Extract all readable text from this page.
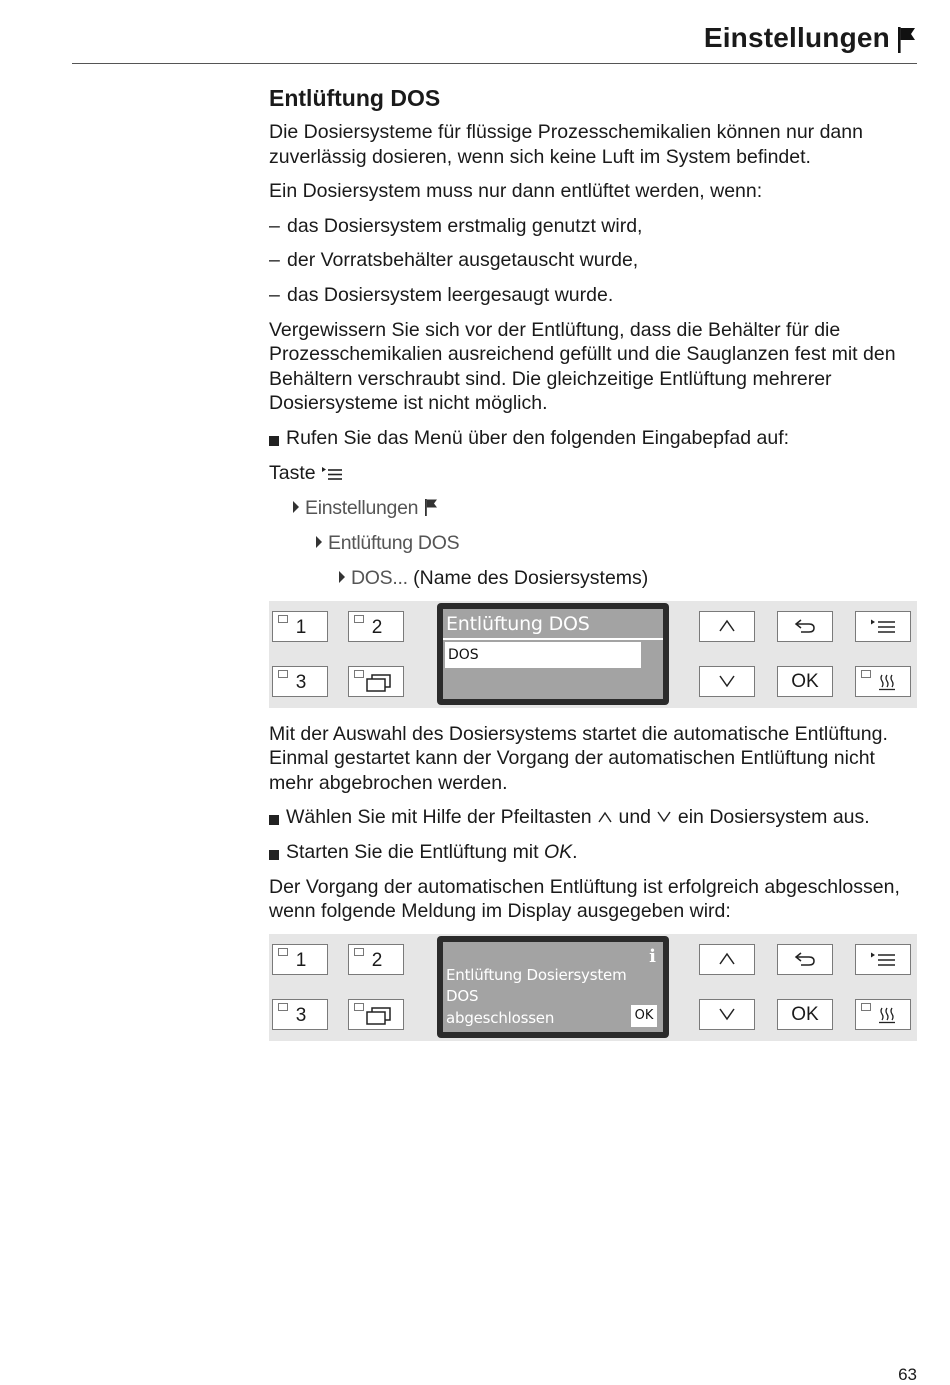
Einstellungen
Entlüftung DOS
Die Dosiersysteme für flüssige Prozesschemikalien können nur dann zuverlässig dosieren, wenn sich keine Luft im System befindet.
Ein Dosiersystem muss nur dann entlüftet werden, wenn:
– das Dosiersystem erstmalig genutzt wird,
– der Vorratsbehälter ausgetauscht wurde,
– das Dosiersystem leergesaugt wurde.
Vergewissern Sie sich vor der Entlüftung, dass die Behälter für die Prozesschemikalien ausreichend gefüllt und die Sauglanzen fest mit den Behältern verschraubt sind. Die gleichzeitige Entlüftung mehrerer Dosiersysteme ist nicht möglich.
Rufen Sie das Menü über den folgenden Eingabepfad auf:
Taste
Einstellungen
Entlüftung DOS
DOS... (Name des Dosiersystems)
1	2
3
Entlüftung DOS
DOS
OK
Mit der Auswahl des Dosiersystems startet die automatische Entlüftung. Einmal gestartet kann der Vorgang der automatischen Entlüftung nicht mehr abgebrochen werden.
Wählen Sie mit Hilfe der Pfeiltasten und ein Dosiersystem aus.
Starten Sie die Entlüftung mit OK.
Der Vorgang der automatischen Entlüftung ist erfolgreich abgeschlossen, wenn folgende Meldung im Display ausgegeben wird:
1	2
3
i
Entlüftung Dosiersystem
DOS
abgeschlossen	OK	OK
63
